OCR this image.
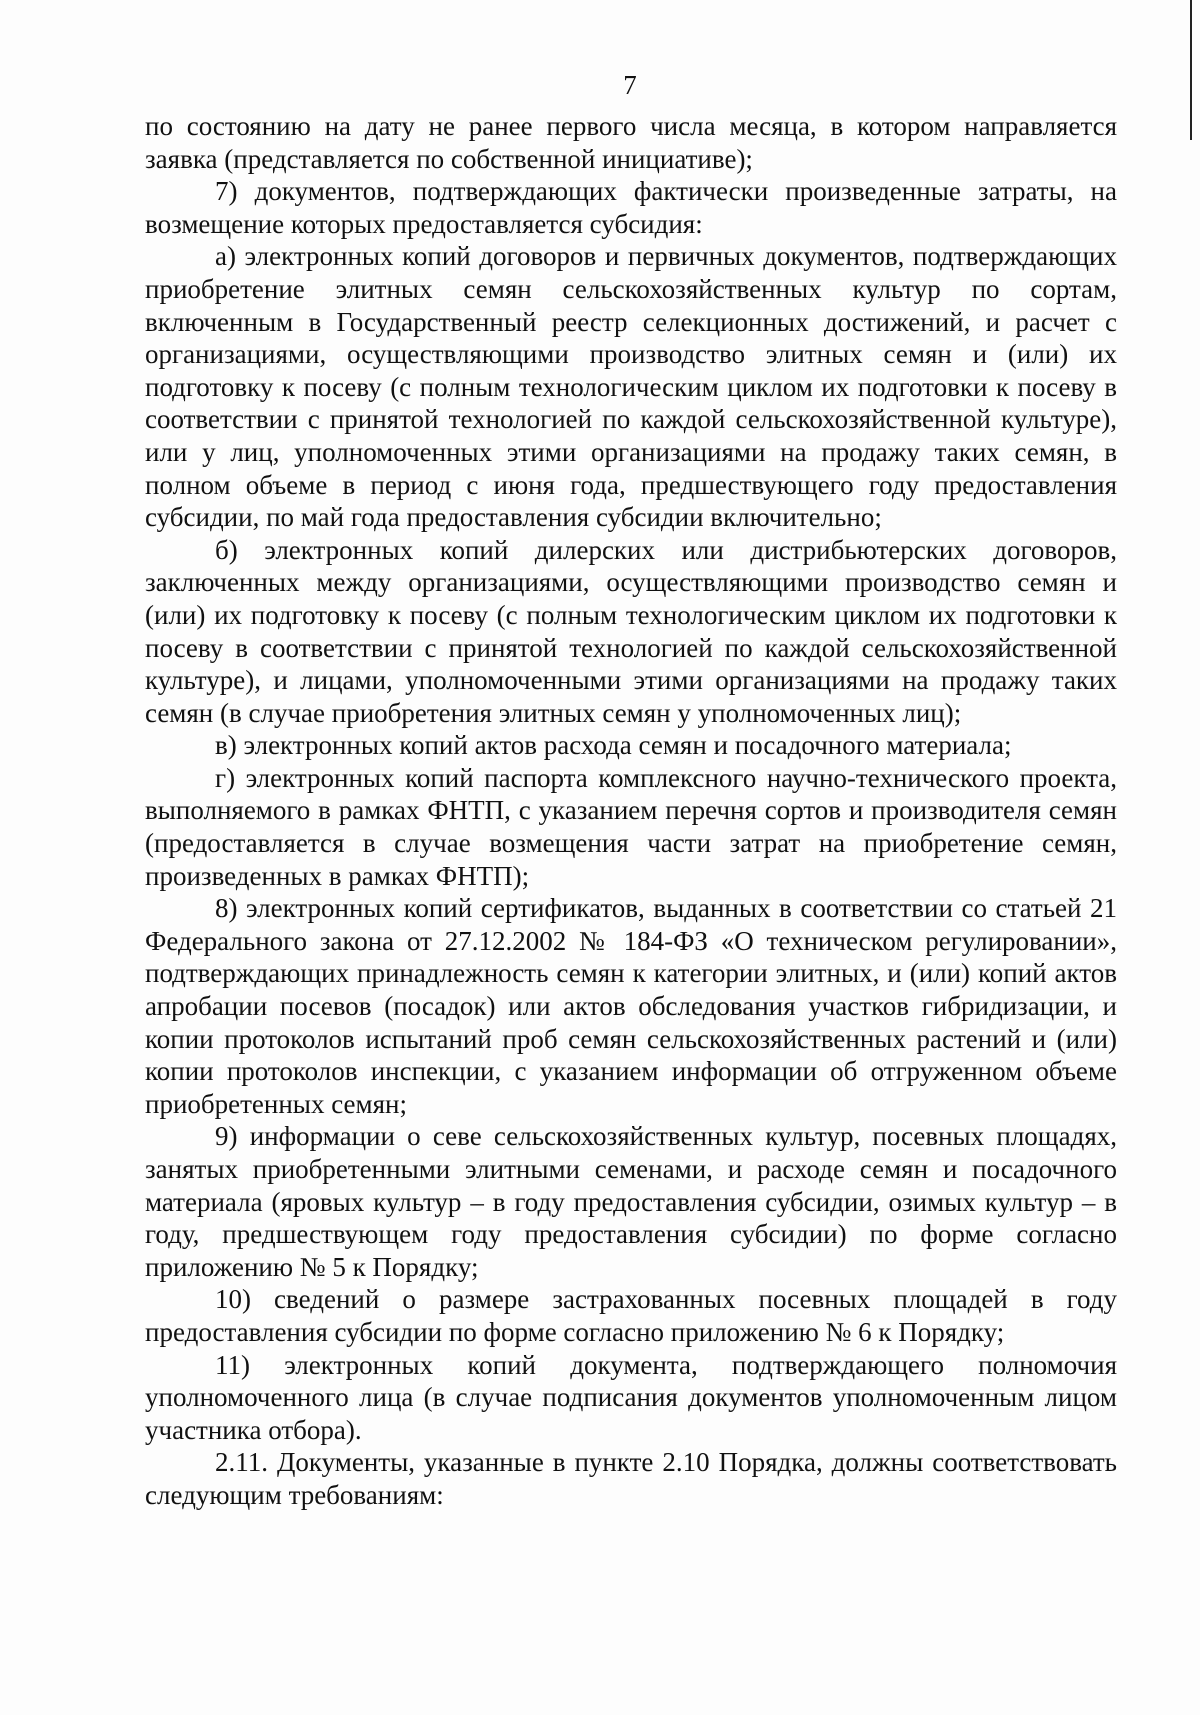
7

по состоянию на дату не ранее первого числа месяца, в котором направляется заявка (представляется по собственной инициативе);

7) документов, подтверждающих фактически произведенные затраты, на возмещение которых предоставляется субсидия:

а) электронных копий договоров и первичных документов, подтверждающих приобретение элитных семян сельскохозяйственных культур по сортам, включенным в Государственный реестр селекционных достижений, и расчет с организациями, осуществляющими производство элитных семян и (или) их подготовку к посеву (с полным технологическим циклом их подготовки к посеву в соответствии с принятой технологией по каждой сельскохозяйственной культуре), или у лиц, уполномоченных этими организациями на продажу таких семян, в полном объеме в период с июня года, предшествующего году предоставления субсидии, по май года предоставления субсидии включительно;

б) электронных копий дилерских или дистрибьютерских договоров, заключенных между организациями, осуществляющими производство семян и (или) их подготовку к посеву (с полным технологическим циклом их подготовки к посеву в соответствии с принятой технологией по каждой сельскохозяйственной культуре), и лицами, уполномоченными этими организациями на продажу таких семян (в случае приобретения элитных семян у уполномоченных лиц);

в) электронных копий актов расхода семян и посадочного материала;

г) электронных копий паспорта комплексного научно-технического проекта, выполняемого в рамках ФНТП, с указанием перечня сортов и производителя семян (предоставляется в случае возмещения части затрат на приобретение семян, произведенных в рамках ФНТП);

8) электронных копий сертификатов, выданных в соответствии со статьей 21 Федерального закона от 27.12.2002 № 184-ФЗ «О техническом регулировании», подтверждающих принадлежность семян к категории элитных, и (или) копий актов апробации посевов (посадок) или актов обследования участков гибридизации, и копии протоколов испытаний проб семян сельскохозяйственных растений и (или) копии протоколов инспекции, с указанием информации об отгруженном объеме приобретенных семян;

9) информации о севе сельскохозяйственных культур, посевных площадях, занятых приобретенными элитными семенами, и расходе семян и посадочного материала (яровых культур – в году предоставления субсидии, озимых культур – в году, предшествующем году предоставления субсидии) по форме согласно приложению № 5 к Порядку;

10) сведений о размере застрахованных посевных площадей в году предоставления субсидии по форме согласно приложению № 6 к Порядку;

11) электронных копий документа, подтверждающего полномочия уполномоченного лица (в случае подписания документов уполномоченным лицом участника отбора).

2.11. Документы, указанные в пункте 2.10 Порядка, должны соответствовать следующим требованиям:
